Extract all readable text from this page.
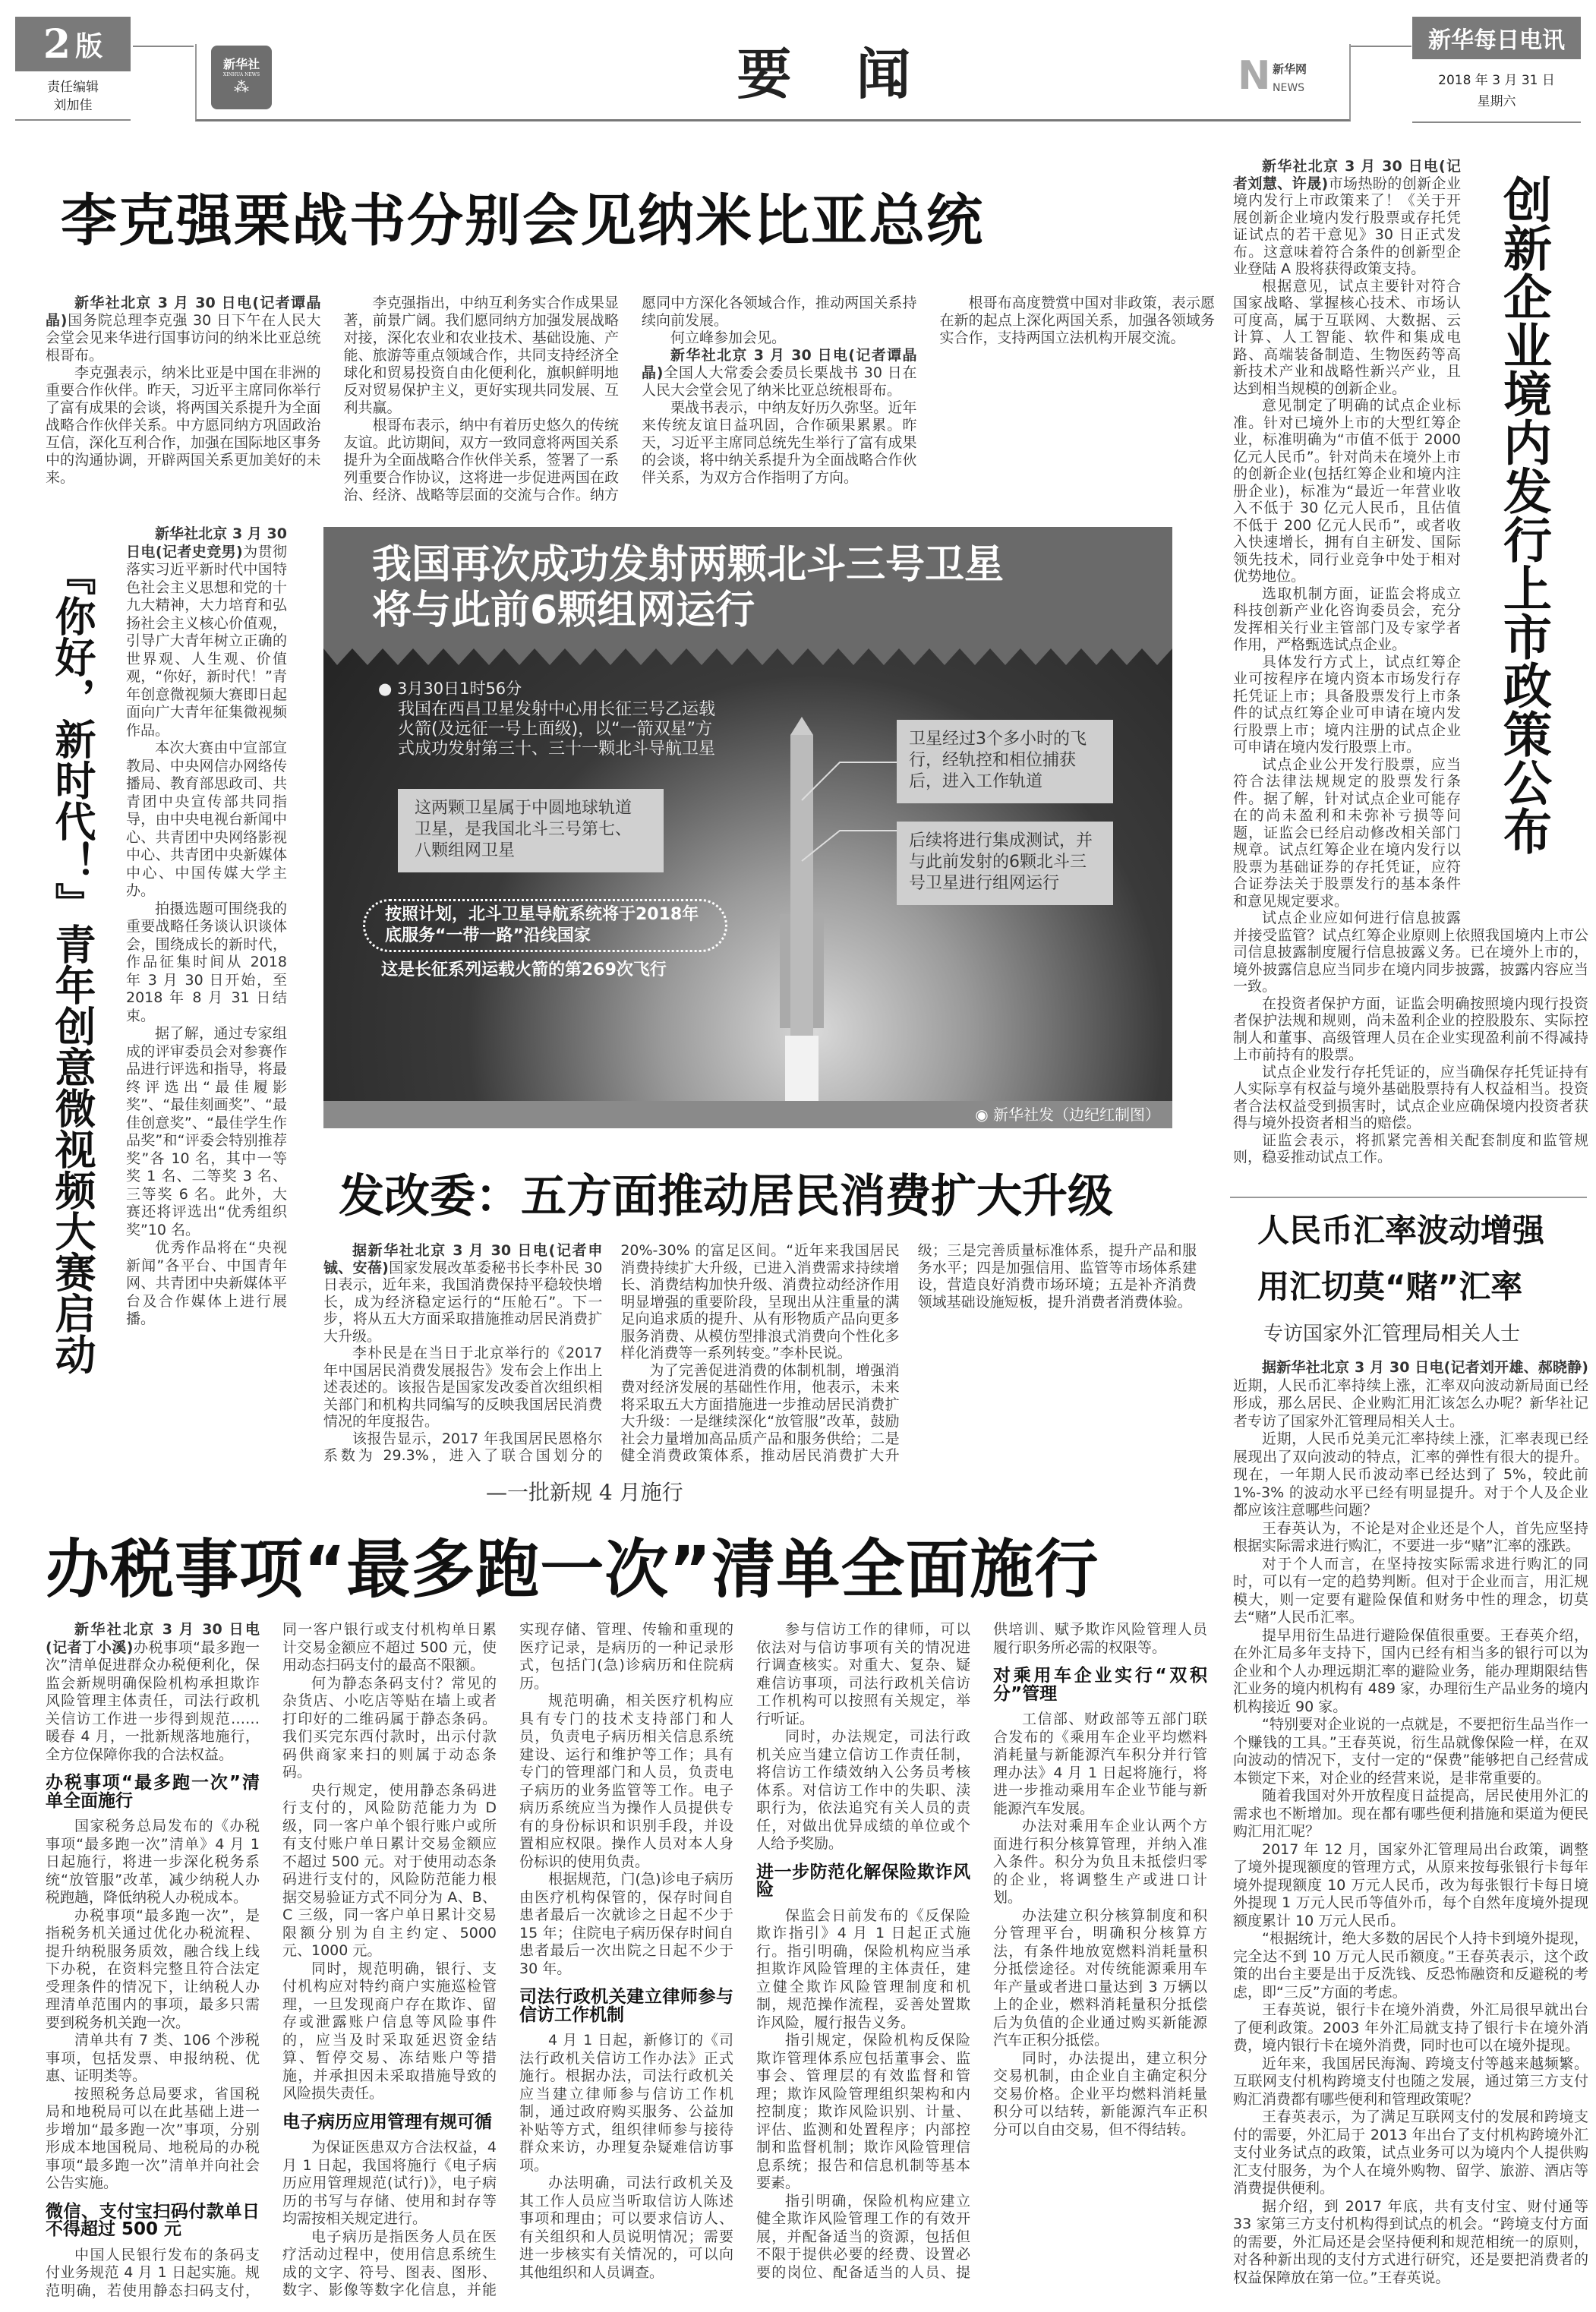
2 版
责任编辑
刘加佳
新华社
XINHUA NEWS
⁂	要 闻	N 新华网
NEWS
新华每日电讯
2018 年 3 月 31 日
星期六
李克强栗战书分别会见纳米比亚总统

新华社北京 3 月 30 日电(记者谭晶晶)国务院总理李克强 30 日下午在人民大会堂会见来华进行国事访问的纳米比亚总统根哥布。

李克强表示，纳米比亚是中国在非洲的重要合作伙伴。昨天，习近平主席同你举行了富有成果的会谈，将两国关系提升为全面战略合作伙伴关系。中方愿同纳方巩固政治互信，深化互利合作，加强在国际地区事务中的沟通协调，开辟两国关系更加美好的未来。

李克强指出，中纳互利务实合作成果显著，前景广阔。我们愿同纳方加强发展战略对接，深化农业和农业技术、基础设施、产能、旅游等重点领域合作，共同支持经济全球化和贸易投资自由化便利化，旗帜鲜明地反对贸易保护主义，更好实现共同发展、互利共赢。

根哥布表示，纳中有着历史悠久的传统友谊。此访期间，双方一致同意将两国关系提升为全面战略合作伙伴关系，签署了一系列重要合作协议，这将进一步促进两国在政治、经济、战略等层面的交流与合作。纳方愿同中方深化各领域合作，推动两国关系持续向前发展。

何立峰参加会见。

新华社北京 3 月 30 日电(记者谭晶晶)全国人大常委会委员长栗战书 30 日在人民大会堂会见了纳米比亚总统根哥布。

栗战书表示，中纳友好历久弥坚。近年来传统友谊日益巩固，合作硕果累累。昨天，习近平主席同总统先生举行了富有成果的会谈，将中纳关系提升为全面战略合作伙伴关系，为双方合作指明了方向。

根哥布高度赞赏中国对非政策，表示愿在新的起点上深化两国关系，加强各领域务实合作，支持两国立法机构开展交流。

『你好，新时代！』青年创意微视频大赛启动

新华社北京 3 月 30 日电(记者史竞男)为贯彻落实习近平新时代中国特色社会主义思想和党的十九大精神，大力培育和弘扬社会主义核心价值观，引导广大青年树立正确的世界观、人生观、价值观，“你好，新时代！”青年创意微视频大赛即日起面向广大青年征集微视频作品。

本次大赛由中宣部宣教局、中央网信办网络传播局、教育部思政司、共青团中央宣传部共同指导，由中央电视台新闻中心、共青团中央网络影视中心、共青团中央新媒体中心、中国传媒大学主办。

拍摄选题可围绕我的重要战略任务谈认识谈体会，围绕成长的新时代，作品征集时间从 2018 年 3 月 30 日开始，至 2018 年 8 月 31 日结束。

据了解，通过专家组成的评审委员会对参赛作品进行评选和指导，将最终评选出“最佳履影奖”、“最佳刻画奖”、“最佳创意奖”、“最佳学生作品奖”和“评委会特别推荐奖”各 10 名，其中一等奖 1 名、二等奖 3 名、三等奖 6 名。此外，大赛还将评选出“优秀组织奖”10 名。

优秀作品将在“央视新闻”各平台、中国青年网、共青团中央新媒体平台及合作媒体上进行展播。

我国再次成功发射两颗北斗三号卫星
将与此前6颗组网运行
● 3月30日1时56分
我国在西昌卫星发射中心用长征三号乙运载火箭(及远征一号上面级)，以“一箭双星”方式成功发射第三十、三十一颗北斗导航卫星
这两颗卫星属于中圆地球轨道卫星，是我国北斗三号第七、八颗组网卫星
卫星经过3个多小时的飞行，经轨控和相位捕获后，进入工作轨道
后续将进行集成测试，并与此前发射的6颗北斗三号卫星进行组网运行
按照计划，北斗卫星导航系统将于2018年底服务“一带一路”沿线国家
这是长征系列运载火箭的第269次飞行
◉ 新华社发（边纪红制图）
发改委：五方面推动居民消费扩大升级

据新华社北京 3 月 30 日电(记者申铖、安蓓)国家发展改革委秘书长李朴民 30 日表示，近年来，我国消费保持平稳较快增长，成为经济稳定运行的“压舱石”。下一步，将从五大方面采取措施推动居民消费扩大升级。

李朴民是在当日于北京举行的《2017 年中国居民消费发展报告》发布会上作出上述表述的。该报告是国家发改委首次组织相关部门和机构共同编写的反映我国居民消费情况的年度报告。

该报告显示，2017 年我国居民恩格尔系数为 29.3%，进入了联合国划分的 20%-30% 的富足区间。“近年来我国居民消费持续扩大升级，已进入消费需求持续增长、消费结构加快升级、消费拉动经济作用明显增强的重要阶段，呈现出从注重量的满足向追求质的提升、从有形物质产品向更多服务消费、从模仿型排浪式消费向个性化多样化消费等一系列转变。”李朴民说。

为了完善促进消费的体制机制，增强消费对经济发展的基础性作用，他表示，未来将采取五大方面措施进一步推动居民消费扩大升级：一是继续深化“放管服”改革，鼓励社会力量增加高品质产品和服务供给；二是健全消费政策体系，推动居民消费扩大升级；三是完善质量标准体系，提升产品和服务水平；四是加强信用、监管等市场体系建设，营造良好消费市场环境；五是补齐消费领域基础设施短板，提升消费者消费体验。

创新企业境内发行上市政策公布

新华社北京 3 月 30 日电(记者刘慧、许晟)市场热盼的创新企业境内发行上市政策来了！《关于开展创新企业境内发行股票或存托凭证试点的若干意见》30 日正式发布。这意味着符合条件的创新型企业登陆 A 股将获得政策支持。

根据意见，试点主要针对符合国家战略、掌握核心技术、市场认可度高，属于互联网、大数据、云计算、人工智能、软件和集成电路、高端装备制造、生物医药等高新技术产业和战略性新兴产业，且达到相当规模的创新企业。

意见制定了明确的试点企业标准。针对已境外上市的大型红筹企业，标准明确为“市值不低于 2000 亿元人民币”。针对尚未在境外上市的创新企业(包括红筹企业和境内注册企业)，标准为“最近一年营业收入不低于 30 亿元人民币，且估值不低于 200 亿元人民币”，或者收入快速增长，拥有自主研发、国际领先技术，同行业竞争中处于相对优势地位。

选取机制方面，证监会将成立科技创新产业化咨询委员会，充分发挥相关行业主管部门及专家学者作用，严格甄选试点企业。

具体发行方式上，试点红筹企业可按程序在境内资本市场发行存托凭证上市；具备股票发行上市条件的试点红筹企业可申请在境内发行股票上市；境内注册的试点企业可申请在境内发行股票上市。

试点企业公开发行股票，应当符合法律法规规定的股票发行条件。据了解，针对试点企业可能存在的尚未盈利和未弥补亏损等问题，证监会已经启动修改相关部门规章。试点红筹企业在境内发行以股票为基础证券的存托凭证，应符合证券法关于股票发行的基本条件和意见规定要求。

试点企业应如何进行信息披露并接受监管？试点红筹企业原则上依照我国境内上市公司信息披露制度履行信息披露义务。已在境外上市的，境外披露信息应当同步在境内同步披露，披露内容应当一致。

在投资者保护方面，证监会明确按照境内现行投资者保护法规和规则，尚未盈利企业的控股股东、实际控制人和董事、高级管理人员在企业实现盈利前不得减持上市前持有的股票。

试点企业发行存托凭证的，应当确保存托凭证持有人实际享有权益与境外基础股票持有人权益相当。投资者合法权益受到损害时，试点企业应确保境内投资者获得与境外投资者相当的赔偿。

证监会表示，将抓紧完善相关配套制度和监管规则，稳妥推动试点工作。

人民币汇率波动增强
用汇切莫“赌”汇率
专访国家外汇管理局相关人士

据新华社北京 3 月 30 日电(记者刘开雄、郝晓静)近期，人民币汇率持续上涨，汇率双向波动新局面已经形成，那么居民、企业购汇用汇该怎么办呢？新华社记者专访了国家外汇管理局相关人士。

近期，人民币兑美元汇率持续上涨，汇率表现已经展现出了双向波动的特点，汇率的弹性有很大的提升。现在，一年期人民币波动率已经达到了 5%，较此前 1%-3% 的波动水平已经有明显提升。对于个人及企业都应该注意哪些问题？

王春英认为，不论是对企业还是个人，首先应坚持根据实际需求进行购汇，不要进一步“赌”汇率的涨跌。

对于个人而言，在坚持按实际需求进行购汇的同时，可以有一定的趋势判断。但对于企业而言，用汇规模大，则一定要有避险保值和财务中性的理念，切莫去“赌”人民币汇率。

提早用衍生品进行避险保值很重要。王春英介绍，在外汇局多年支持下，国内已经有相当多的银行可以为企业和个人办理远期汇率的避险业务，能办理期限结售汇业务的境内机构有 489 家，办理衍生产品业务的境内机构接近 90 家。

“特别要对企业说的一点就是，不要把衍生品当作一个赚钱的工具。”王春英说，衍生品就像保险一样，在双向波动的情况下，支付一定的“保费”能够把自己经营成本锁定下来，对企业的经营来说，是非常重要的。

随着我国对外开放程度日益提高，居民使用外汇的需求也不断增加。现在都有哪些便利措施和渠道为便民购汇用汇呢？

2017 年 12 月，国家外汇管理局出台政策，调整了境外提现额度的管理方式，从原来按每张银行卡每年境外提现额度 10 万元人民币，改为每张银行卡每日境外提现 1 万元人民币等值外币，每个自然年度境外提现额度累计 10 万元人民币。

“根据统计，绝大多数的居民个人持卡到境外提现，完全达不到 10 万元人民币额度。”王春英表示，这个政策的出台主要是出于反洗钱、反恐怖融资和反避税的考虑，即“三反”方面的考虑。

王春英说，银行卡在境外消费，外汇局很早就出台了便利政策。2003 年外汇局就支持了银行卡在境外消费，境内银行卡在境外消费，同时也可以在境外提现。

近年来，我国居民海淘、跨境支付等越来越频繁。互联网支付机构跨境支付也随之发展，通过第三方支付购汇消费都有哪些便利和管理政策呢？

王春英表示，为了满足互联网支付的发展和跨境支付的需要，外汇局于 2013 年出台了支付机构跨境外汇支付业务试点的政策，试点业务可以为境内个人提供购汇支付服务，为个人在境外购物、留学、旅游、酒店等消费提供便利。

据介绍，到 2017 年底，共有支付宝、财付通等 33 家第三方支付机构得到试点的机会。“跨境支付方面的需要，外汇局还是会坚持便利和规范相统一的原则，对各种新出现的支付方式进行研究，还是要把消费者的权益保障放在第一位。”王春英说。

—一批新规 4 月施行
办税事项“最多跑一次”清单全面施行

新华社北京 3 月 30 日电(记者丁小溪)办税事项“最多跑一次”清单促进群众办税便利化，保监会新规明确保险机构承担欺诈风险管理主体责任，司法行政机关信访工作进一步得到规范……暖春 4 月，一批新规落地施行，全方位保障你我的合法权益。

办税事项“最多跑一次”清单全面施行

国家税务总局发布的《办税事项“最多跑一次”清单》4 月 1 日起施行，将进一步深化税务系统“放管服”改革，减少纳税人办税跑趟，降低纳税人办税成本。

办税事项“最多跑一次”，是指税务机关通过优化办税流程、提升纳税服务质效，融合线上线下办税，在资料完整且符合法定受理条件的情况下，让纳税人办理清单范围内的事项，最多只需要到税务机关跑一次。

清单共有 7 类、106 个涉税事项，包括发票、申报纳税、优惠、证明类等。

按照税务总局要求，省国税局和地税局可以在此基础上进一步增加“最多跑一次”事项，分别形成本地国税局、地税局的办税事项“最多跑一次”清单并向社会公告实施。

微信、支付宝扫码付款单日不得超过 500 元

中国人民银行发布的条码支付业务规范 4 月 1 日起实施。规范明确，若使用静态扫码支付，同一客户银行或支付机构单日累计交易金额应不超过 500 元，使用动态扫码支付的最高不限额。

何为静态条码支付？常见的杂货店、小吃店等贴在墙上或者打印好的二维码属于静态条码。我们买完东西付款时，出示付款码供商家来扫的则属于动态条码。

央行规定，使用静态条码进行支付的，风险防范能力为 D 级，同一客户单个银行账户或所有支付账户单日累计交易金额应不超过 500 元。对于使用动态条码进行支付的，风险防范能力根据交易验证方式不同分为 A、B、C 三级，同一客户单日累计交易限额分别为自主约定、5000 元、1000 元。

同时，规范明确，银行、支付机构应对特约商户实施巡检管理，一旦发现商户存在欺诈、留存或泄露账户信息等风险事件的，应当及时采取延迟资金结算、暂停交易、冻结账户等措施，并承担因未采取措施导致的风险损失责任。

电子病历应用管理有规可循

为保证医患双方合法权益，4 月 1 日起，我国将施行《电子病历应用管理规范(试行)》，电子病历的书写与存储、使用和封存等均需按相关规定进行。

电子病历是指医务人员在医疗活动过程中，使用信息系统生成的文字、符号、图表、图形、数字、影像等数字化信息，并能实现存储、管理、传输和重现的医疗记录，是病历的一种记录形式，包括门(急)诊病历和住院病历。

规范明确，相关医疗机构应具有专门的技术支持部门和人员，负责电子病历相关信息系统建设、运行和维护等工作；具有专门的管理部门和人员，负责电子病历的业务监管等工作。电子病历系统应当为操作人员提供专有的身份标识和识别手段，并设置相应权限。操作人员对本人身份标识的使用负责。

根据规范，门(急)诊电子病历由医疗机构保管的，保存时间自患者最后一次就诊之日起不少于 15 年；住院电子病历保存时间自患者最后一次出院之日起不少于 30 年。

司法行政机关建立律师参与信访工作机制

4 月 1 日起，新修订的《司法行政机关信访工作办法》正式施行。根据办法，司法行政机关应当建立律师参与信访工作机制，通过政府购买服务、公益加补贴等方式，组织律师参与接待群众来访，办理复杂疑难信访事项。

办法明确，司法行政机关及其工作人员应当听取信访人陈述事项和理由；可以要求信访人、有关组织和人员说明情况；需要进一步核实有关情况的，可以向其他组织和人员调查。

参与信访工作的律师，可以依法对与信访事项有关的情况进行调查核实。对重大、复杂、疑难信访事项，司法行政机关信访工作机构可以按照有关规定，举行听证。

同时，办法规定，司法行政机关应当建立信访工作责任制，将信访工作绩效纳入公务员考核体系。对信访工作中的失职、渎职行为，依法追究有关人员的责任，对做出优异成绩的单位或个人给予奖励。

进一步防范化解保险欺诈风险

保监会日前发布的《反保险欺诈指引》4 月 1 日起正式施行。指引明确，保险机构应当承担欺诈风险管理的主体责任，建立健全欺诈风险管理制度和机制，规范操作流程，妥善处置欺诈风险，履行报告义务。

指引规定，保险机构反保险欺诈管理体系应包括董事会、监事会、管理层的有效监督和管理；欺诈风险管理组织架构和内控制度；欺诈风险识别、计量、评估、监测和处置程序；内部控制和监督机制；欺诈风险管理信息系统；报告和信息机制等基本要素。

指引明确，保险机构应建立健全欺诈风险管理工作的有效开展，并配备适当的资源，包括但不限于提供必要的经费、设置必要的岗位、配备适当的人员、提供培训、赋予欺诈风险管理人员履行职务所必需的权限等。

对乘用车企业实行“双积分”管理

工信部、财政部等五部门联合发布的《乘用车企业平均燃料消耗量与新能源汽车积分并行管理办法》4 月 1 日起将施行，将进一步推动乘用车企业节能与新能源汽车发展。

办法对乘用车企业认两个方面进行积分核算管理，并纳入准入条件。积分为负且未抵偿归零的企业，将调整生产或进口计划。

办法建立积分核算制度和积分管理平台，明确积分核算方法，有条件地放宽燃料消耗量积分抵偿途径。对传统能源乘用车年产量或者进口量达到 3 万辆以上的企业，燃料消耗量积分抵偿后为负值的企业通过购买新能源汽车正积分抵偿。

同时，办法提出，建立积分交易机制，由企业自主确定积分交易价格。企业平均燃料消耗量积分可以结转，新能源汽车正积分可以自由交易，但不得结转。
